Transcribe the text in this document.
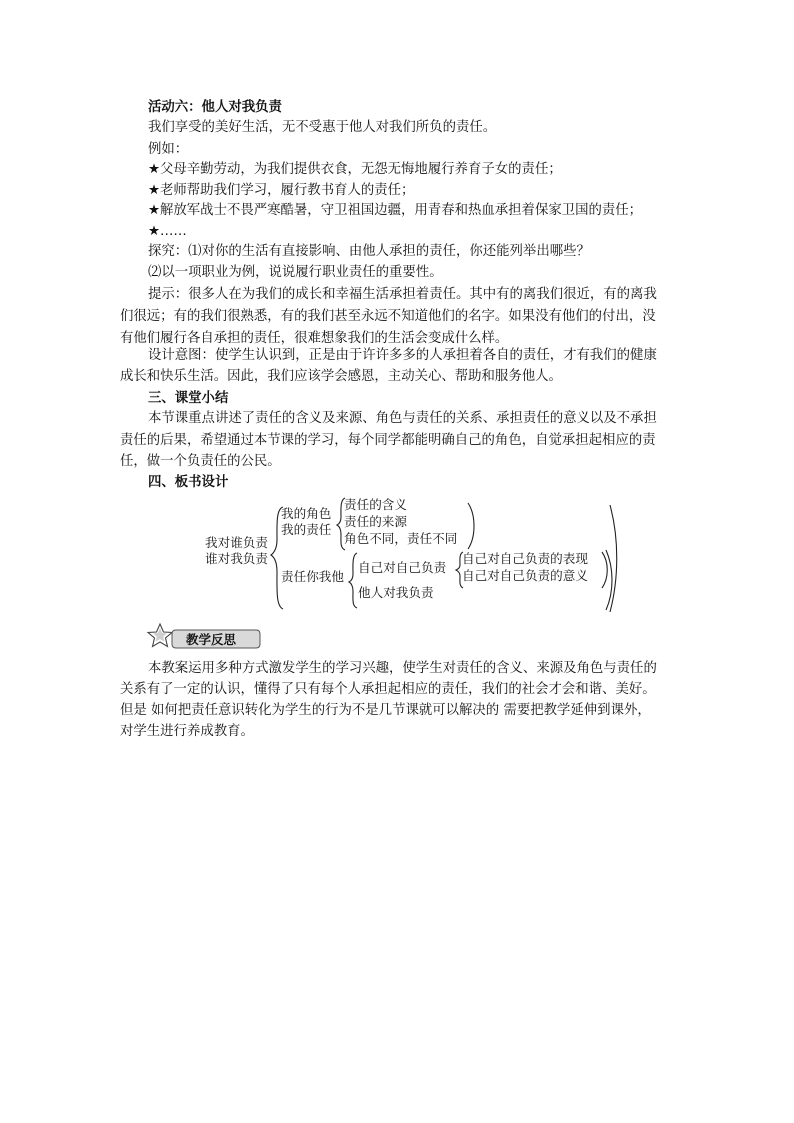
活动六：他人对我负责
我们享受的美好生活，无不受惠于他人对我们所负的责任。
例如：
★父母辛勤劳动，为我们提供衣食，无怨无悔地履行养育子女的责任；
★老师帮助我们学习，履行教书育人的责任；
★解放军战士不畏严寒酷暑，守卫祖国边疆，用青春和热血承担着保家卫国的责任；
★……
探究：⑴对你的生活有直接影响、由他人承担的责任，你还能列举出哪些？
⑵以一项职业为例，说说履行职业责任的重要性。
提示：很多人在为我们的成长和幸福生活承担着责任。其中有的离我们很近，有的离我
们很远；有的我们很熟悉，有的我们甚至永远不知道他们的名字。如果没有他们的付出，没
有他们履行各自承担的责任，很难想象我们的生活会变成什么样。
设计意图：使学生认识到，正是由于许许多多的人承担着各自的责任，才有我们的健康
成长和快乐生活。因此，我们应该学会感恩，主动关心、帮助和服务他人。
三、课堂小结
本节课重点讲述了责任的含义及来源、角色与责任的关系、承担责任的意义以及不承担
责任的后果，希望通过本节课的学习，每个同学都能明确自己的角色，自觉承担起相应的责
任，做一个负责任的公民。
四、板书设计
我对谁负责
谁对我负责
我的角色
我的责任
责任的含义
责任的来源
角色不同，责任不同
责任你我他
自己对自己负责
他人对我负责
自己对自己负责的表现
自己对自己负责的意义
教学反思
本教案运用多种方式激发学生的学习兴趣，使学生对责任的含义、来源及角色与责任的
关系有了一定的认识，懂得了只有每个人承担起相应的责任，我们的社会才会和谐、美好。
但是 如何把责任意识转化为学生的行为不是几节课就可以解决的 需要把教学延伸到课外，
对学生进行养成教育。
